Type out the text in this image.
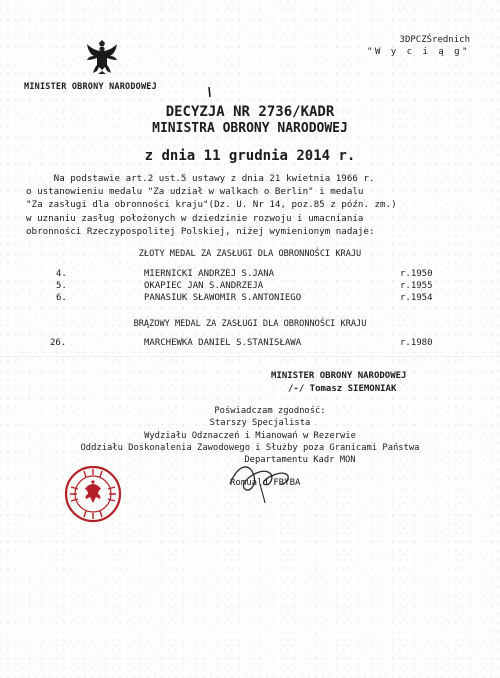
3DPCZŚrednich
"W y c i ą g"
MINISTER OBRONY NARODOWEJ
DECYZJA NR 2736/KADR
MINISTRA OBRONY NARODOWEJ
z dnia 11 grudnia 2014 r.
Na podstawie art.2 ust.5 ustawy z dnia 21 kwietnia 1966 r.
o ustanowieniu medalu "Za udział w walkach o Berlin" i medalu
"Za zasługi dla obronności kraju"(Dz. U. Nr 14, poz.85 z późn. zm.)
w uznaniu zasług położonych w dziedzinie rozwoju i umacniania
obronności Rzeczypospolitej Polskiej, niżej wymienionym nadaje:
ZŁOTY MEDAL ZA ZASŁUGI DLA OBRONNOŚCI KRAJU
4.	MIERNICKI ANDRZEJ S.JANA	r.1950
5.	OKAPIEC JAN S.ANDRZEJA	r.1955
6.	PANASIUK SŁAWOMIR S.ANTONIEGO	r.1954
BRĄZOWY MEDAL ZA ZASŁUGI DLA OBRONNOŚCI KRAJU
26.	MARCHEWKA DANIEL S.STANISŁAWA	r.1980
MINISTER OBRONY NARODOWEJ
/-/ Tomasz SIEMONIAK
Poświadczam zgodność:
Starszy Specjalista
Wydziału Odznaczeń i Mianowań w Rezerwie
Oddziału Doskonalenia Zawodowego i Służby poza Granicami Państwa
Departamentu Kadr MON
Romuald FRYBA
